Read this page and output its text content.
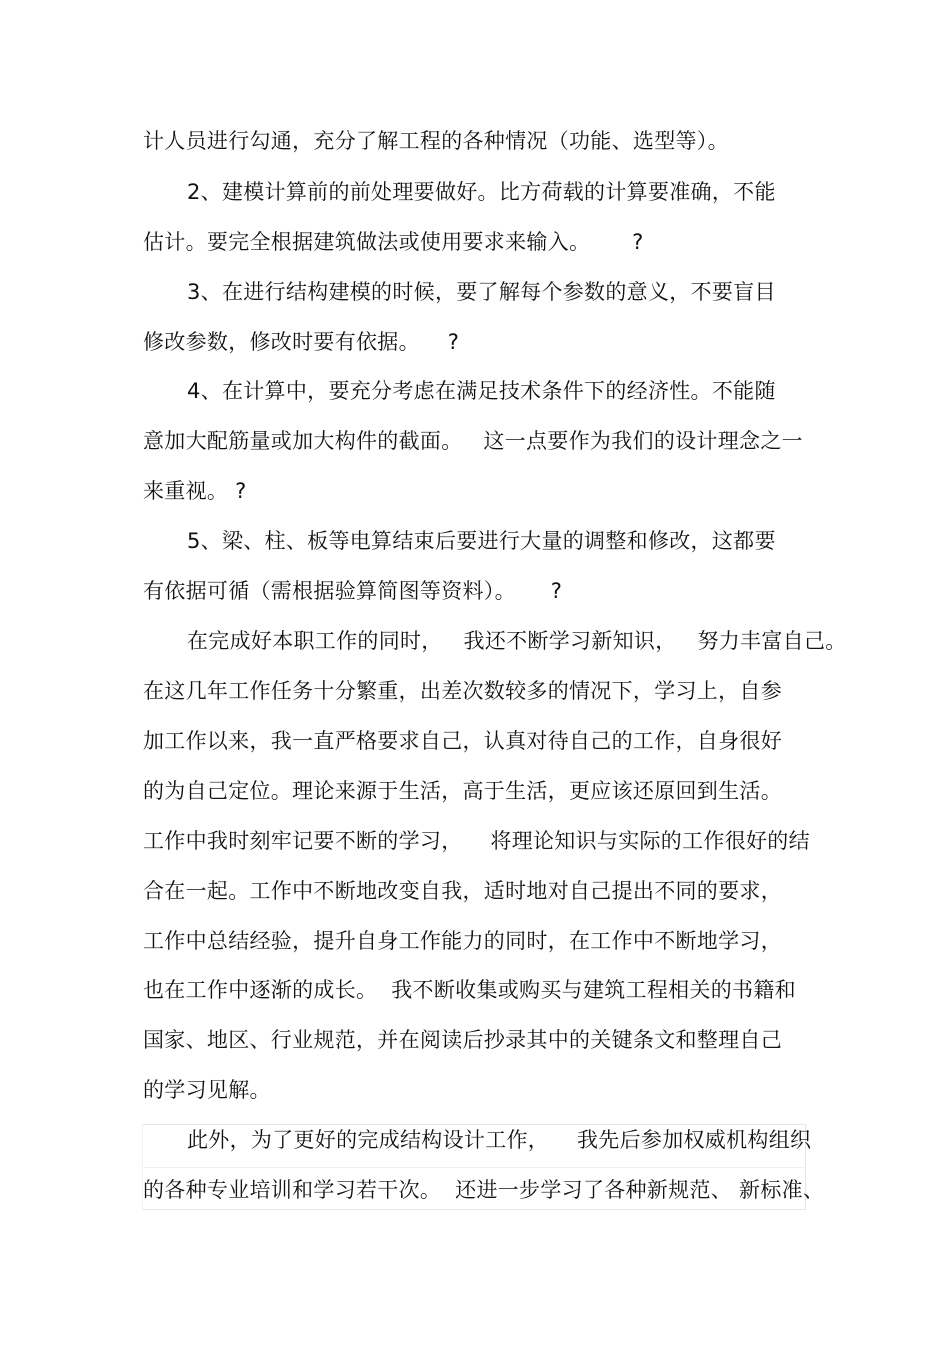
计人员进行勾通，充分了解工程的各种情况（功能、选型等）。
2、建模计算前的前处理要做好。比方荷载的计算要准确，不能
估计。要完全根据建筑做法或使用要求来输入。      ?
3、在进行结构建模的时候，要了解每个参数的意义，不要盲目
修改参数，修改时要有依据。    ?
4、在计算中，要充分考虑在满足技术条件下的经济性。不能随
意加大配筋量或加大构件的截面。   这一点要作为我们的设计理念之一
来重视。 ?
5、梁、柱、板等电算结束后要进行大量的调整和修改，这都要
有依据可循（需根据验算简图等资料）。     ?
在完成好本职工作的同时，   我还不断学习新知识，   努力丰富自己。
在这几年工作任务十分繁重，出差次数较多的情况下，学习上，自参
加工作以来，我一直严格要求自己，认真对待自己的工作，自身很好
的为自己定位。理论来源于生活，高于生活，更应该还原回到生活。
工作中我时刻牢记要不断的学习，    将理论知识与实际的工作很好的结
合在一起。工作中不断地改变自我，适时地对自己提出不同的要求，
工作中总结经验，提升自身工作能力的同时，在工作中不断地学习，
也在工作中逐渐的成长。  我不断收集或购买与建筑工程相关的书籍和
国家、地区、行业规范，并在阅读后抄录其中的关键条文和整理自己
的学习见解。
此外，为了更好的完成结构设计工作，    我先后参加权威机构组织
的各种专业培训和学习若干次。  还进一步学习了各种新规范、 新标准、
